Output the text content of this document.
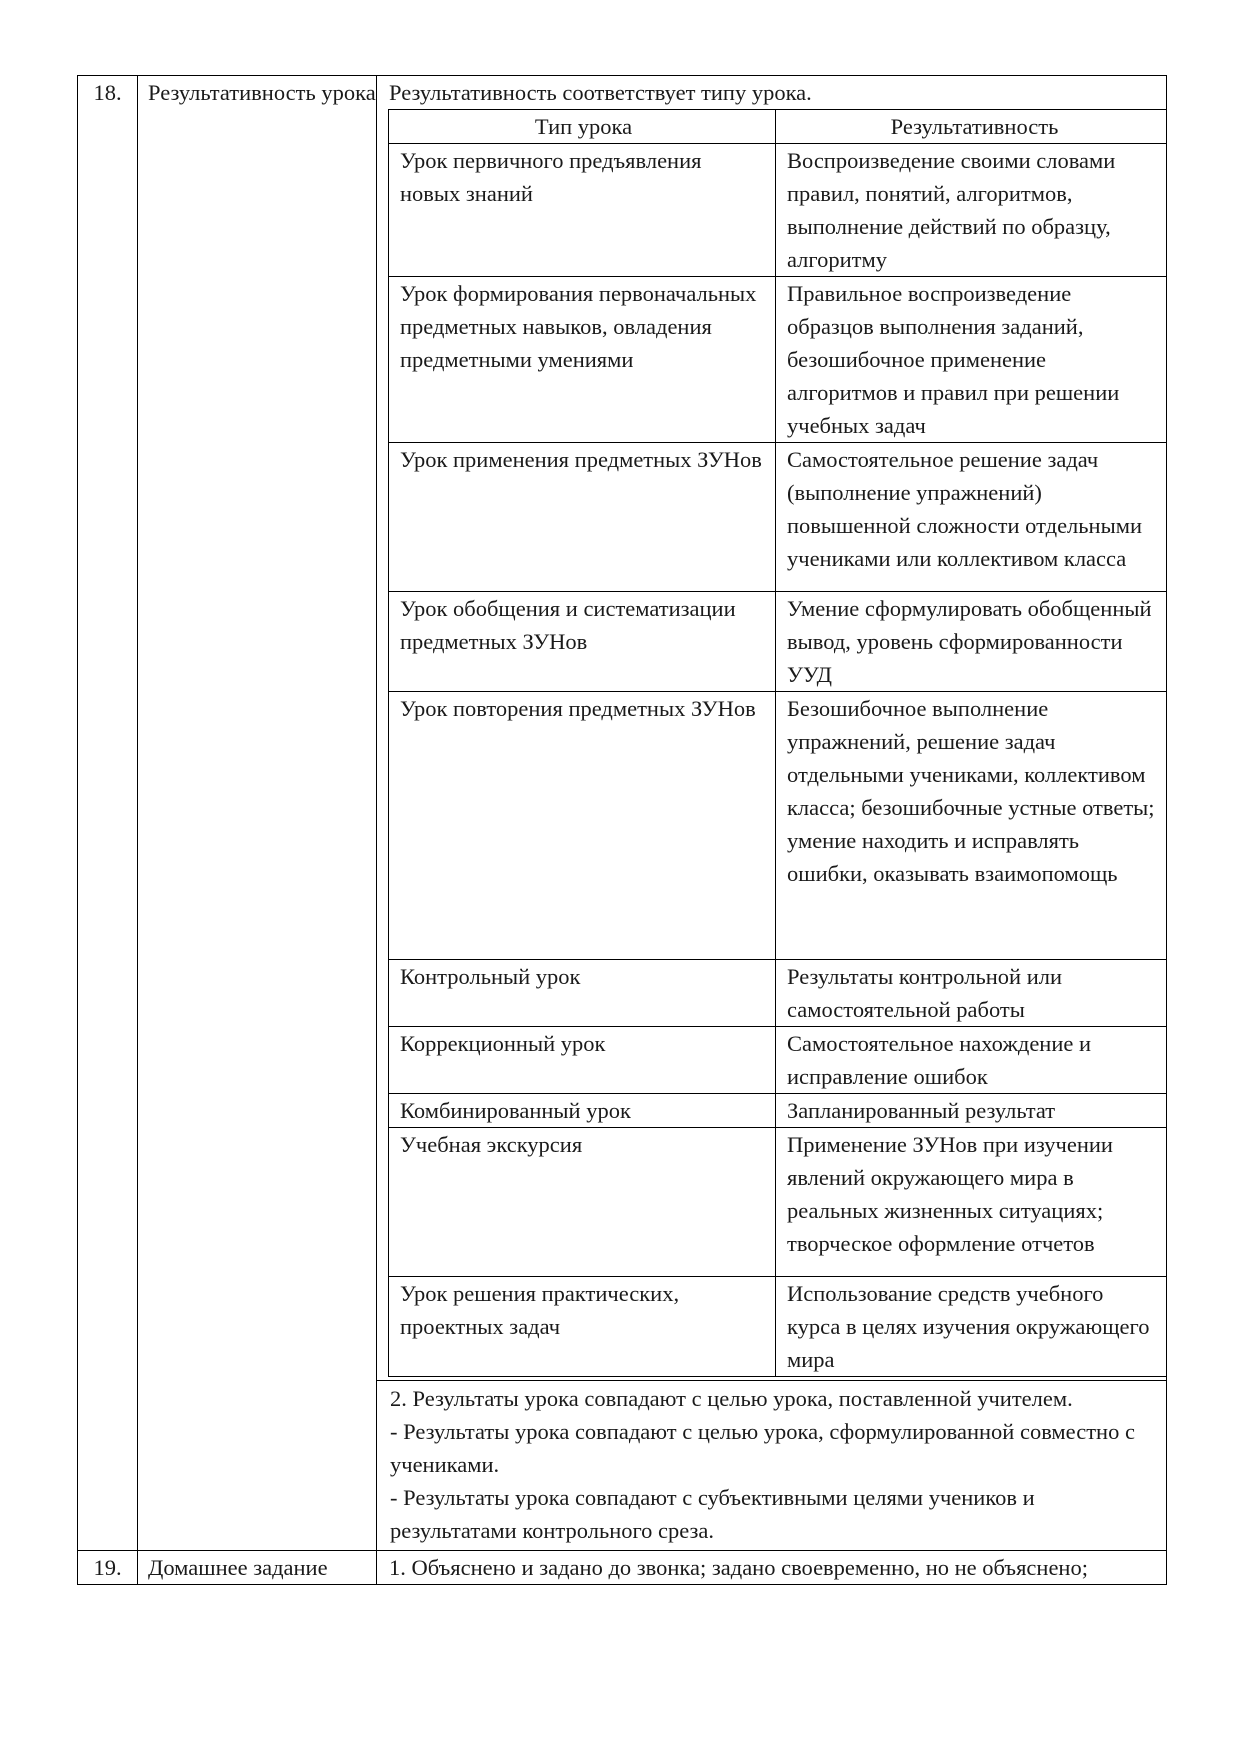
18.	Результативность урока	Результативность соответствует типу урока.
Тип урока	Результативность
Урок первичного предъявления новых знаний	Воспроизведение своими словами правил, понятий, алгоритмов, выполнение действий по образцу, алгоритму
Урок формирования первоначальных предметных навыков, овладения предметными умениями	Правильное воспроизведение образцов выполнения заданий, безошибочное применение алгоритмов и правил при решении учебных задач
Урок применения предметных ЗУНов	Самостоятельное решение задач (выполнение упражнений) повышенной сложности отдельными учениками или коллективом класса
Урок обобщения и систематизации предметных ЗУНов	Умение сформулировать обобщенный вывод, уровень сформированности УУД
Урок повторения предметных ЗУНов	Безошибочное выполнение упражнений, решение задач отдельными учениками, коллективом класса; безошибочные устные ответы; умение находить и исправлять ошибки, оказывать взаимопомощь
Контрольный урок	Результаты контрольной или самостоятельной работы
Коррекционный урок	Самостоятельное нахождение и исправление ошибок
Комбинированный урок	Запланированный результат
Учебная экскурсия	Применение ЗУНов при изучении явлений окружающего мира в реальных жизненных ситуациях; творческое оформление отчетов
Урок решения практических, проектных задач	Использование средств учебного курса в целях изучения окружающего мира

2. Результаты урока совпадают с целью урока, поставленной учителем.

- Результаты урока совпадают с целью урока, сформулированной совместно с учениками.

- Результаты урока совпадают с субъективными целями учеников и результатами контрольного среза.

19.	Домашнее задание	1. Объяснено и задано до звонка; задано своевременно, но не объяснено;
